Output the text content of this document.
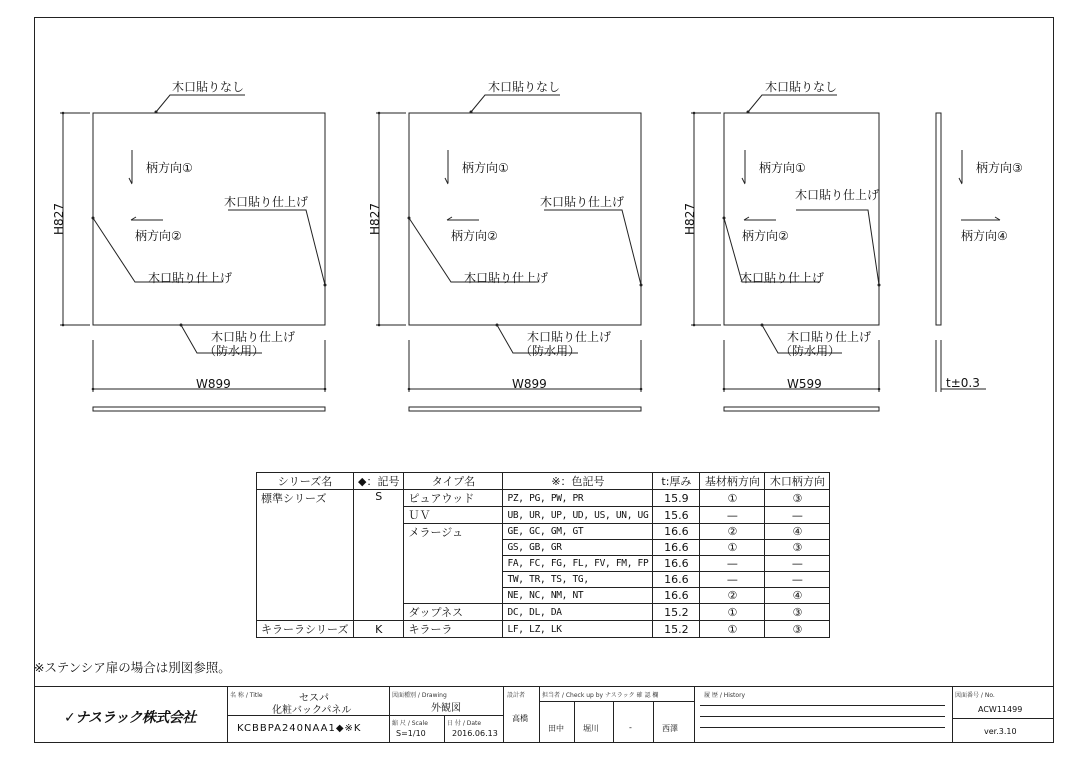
木口貼りなし
柄方向①
柄方向②
木口貼り仕上げ
木口貼り仕上げ
木口貼り仕上げ
（防水用）
H827
W899
木口貼りなし
柄方向①
柄方向②
木口貼り仕上げ
木口貼り仕上げ
木口貼り仕上げ
（防水用）
H827
W899
木口貼りなし
柄方向①
柄方向②
木口貼り仕上げ
木口貼り仕上げ
木口貼り仕上げ
（防水用）
H827
W599
柄方向③
柄方向④
t±0.3
シリーズ名	◆：記号	タイプ名	※：色記号	t:厚み	基材柄方向	木口柄方向
標準シリーズ	S	ピュアウッド	PZ, PG, PW, PR	15.9	①	③
		ＵＶ	UB, UR, UP, UD, US, UN, UG	15.6	—	—
		メラージュ	GE, GC, GM, GT	16.6	②	④
			GS, GB, GR	16.6	①	③
			FA, FC, FG, FL, FV, FM, FP	16.6	—	—
			TW, TR, TS, TG,	16.6	—	—
			NE, NC, NM, NT	16.6	②	④
		ダップネス	DC, DL, DA	15.2	①	③
キラーラシリーズ	K	キラーラ	LF, LZ, LK	15.2	①	③
※ステンシア扉の場合は別図参照。
✓ナスラック株式会社
名 称 / Title	セスパ
化粧バックパネル
KCBBPA240NAA1◆※K
図面種別 / Drawing
外観図
縮 尺 / Scale
S=1/10
日 付 / Date
2016.06.13
設計者
高橋
担当者 / Check up by ナスラック 確 認 欄
田中 堀川	-	西澤
履 歴 / History	図面番号 / No.
ACW11499
ver.3.10
